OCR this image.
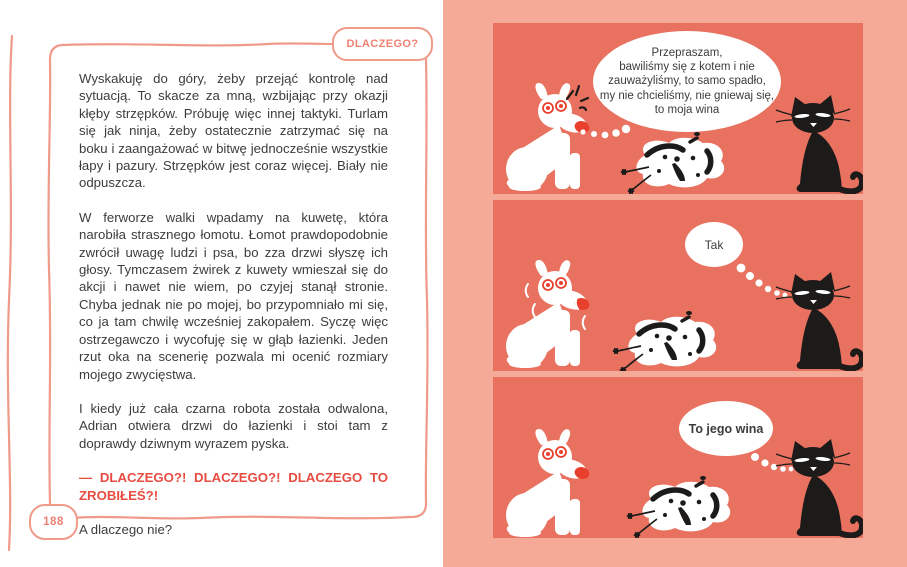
DLACZEGO?
188

Wyskakuję do góry, żeby przejąć kontrolę nad sytuacją. To skacze za mną, wzbijając przy okazji kłęby strzępków. Próbuję więc innej taktyki. Turlam się jak ninja, żeby ostatecznie zatrzymać się na boku i zaangażować w bitwę jednocześnie wszystkie łapy i pazury. Strzępków jest coraz więcej. Biały nie odpuszcza.

W ferworze walki wpadamy na kuwetę, która narobiła strasznego łomotu. Łomot prawdopodobnie zwrócił uwagę ludzi i psa, bo zza drzwi słyszę ich głosy. Tymczasem żwirek z kuwety wmieszał się do akcji i nawet nie wiem, po czyjej stanął stronie. Chyba jednak nie po mojej, bo przypomniało mi się, co ja tam chwilę wcześniej zakopałem. Syczę więc ostrzegawczo i wycofuję się w głąb łazienki. Jeden rzut oka na scenerię pozwala mi ocenić rozmiary mojego zwycięstwa.

I kiedy już cała czarna robota została odwalona, Adrian otwiera drzwi do łazienki i stoi tam z doprawdy dziwnym wyrazem pyska.

— DLACZEGO?! DLACZEGO?! DLACZEGO TO ZROBIŁEŚ?!

A dlaczego nie?

Przepraszam,
bawiliśmy się z kotem i nie
zauważyliśmy, to samo spadło,
my nie chcieliśmy, nie gniewaj się,
to moja wina
Tak
To jego wina
